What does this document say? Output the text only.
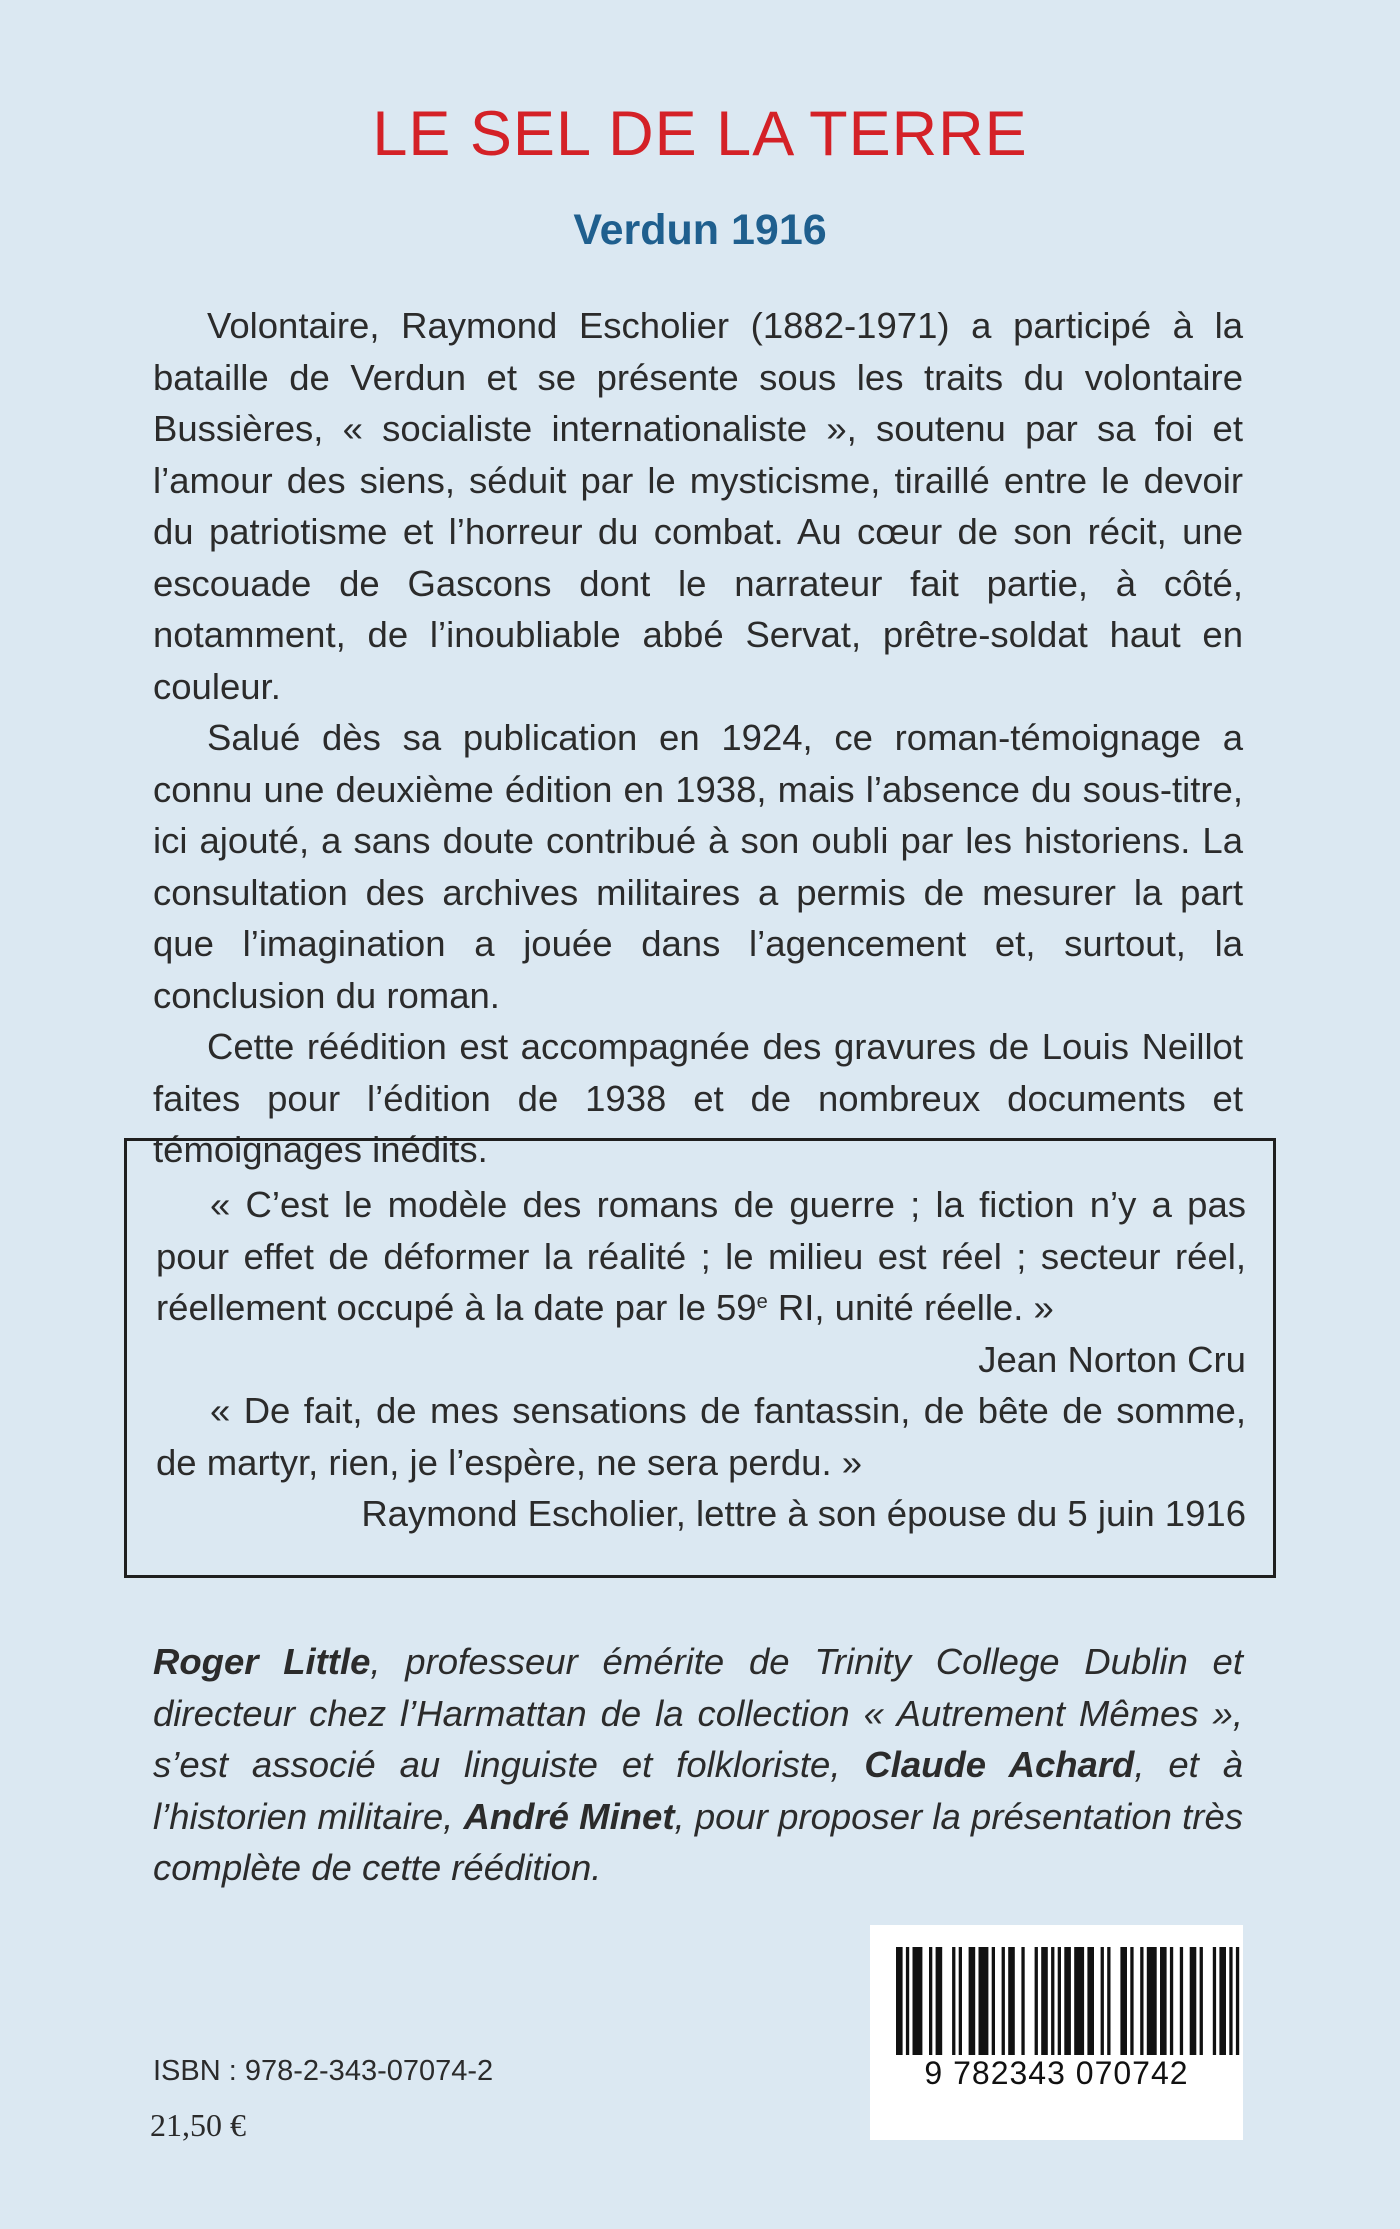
LE SEL DE LA TERRE
Verdun 1916

Volontaire, Raymond Escholier (1882-1971) a participé à la bataille de Verdun et se présente sous les traits du volontaire Bussières, « socialiste internationaliste », soutenu par sa foi et l’amour des siens, séduit par le mysticisme, tiraillé entre le devoir du patriotisme et l’horreur du combat. Au cœur de son récit, une escouade de Gascons dont le narrateur fait partie, à côté, notamment, de l’inoubliable abbé Servat, prêtre-soldat haut en couleur.

Salué dès sa publication en 1924, ce roman-témoignage a connu une deuxième édition en 1938, mais l’absence du sous-titre, ici ajouté, a sans doute contribué à son oubli par les historiens. La consultation des archives militaires a permis de mesurer la part que l’imagination a jouée dans l’agencement et, surtout, la conclusion du roman.

Cette réédition est accompagnée des gravures de Louis Neillot faites pour l’édition de 1938 et de nombreux documents et témoignages inédits.

« C’est le modèle des romans de guerre ; la fiction n’y a pas pour effet de déformer la réalité ; le milieu est réel ; secteur réel, réellement occupé à la date par le 59e RI, unité réelle. »

Jean Norton Cru

« De fait, de mes sensations de fantassin, de bête de somme, de martyr, rien, je l’espère, ne sera perdu. »

Raymond Escholier, lettre à son épouse du 5 juin 1916

Roger Little, professeur émérite de Trinity College Dublin et directeur chez l’Harmattan de la collection « Autrement Mêmes », s’est associé au linguiste et folkloriste, Claude Achard, et à l’historien militaire, André Minet, pour proposer la présentation très complète de cette réédition.

9 782343 070742

ISBN : 978-2-343-07074-2

21,50 €
